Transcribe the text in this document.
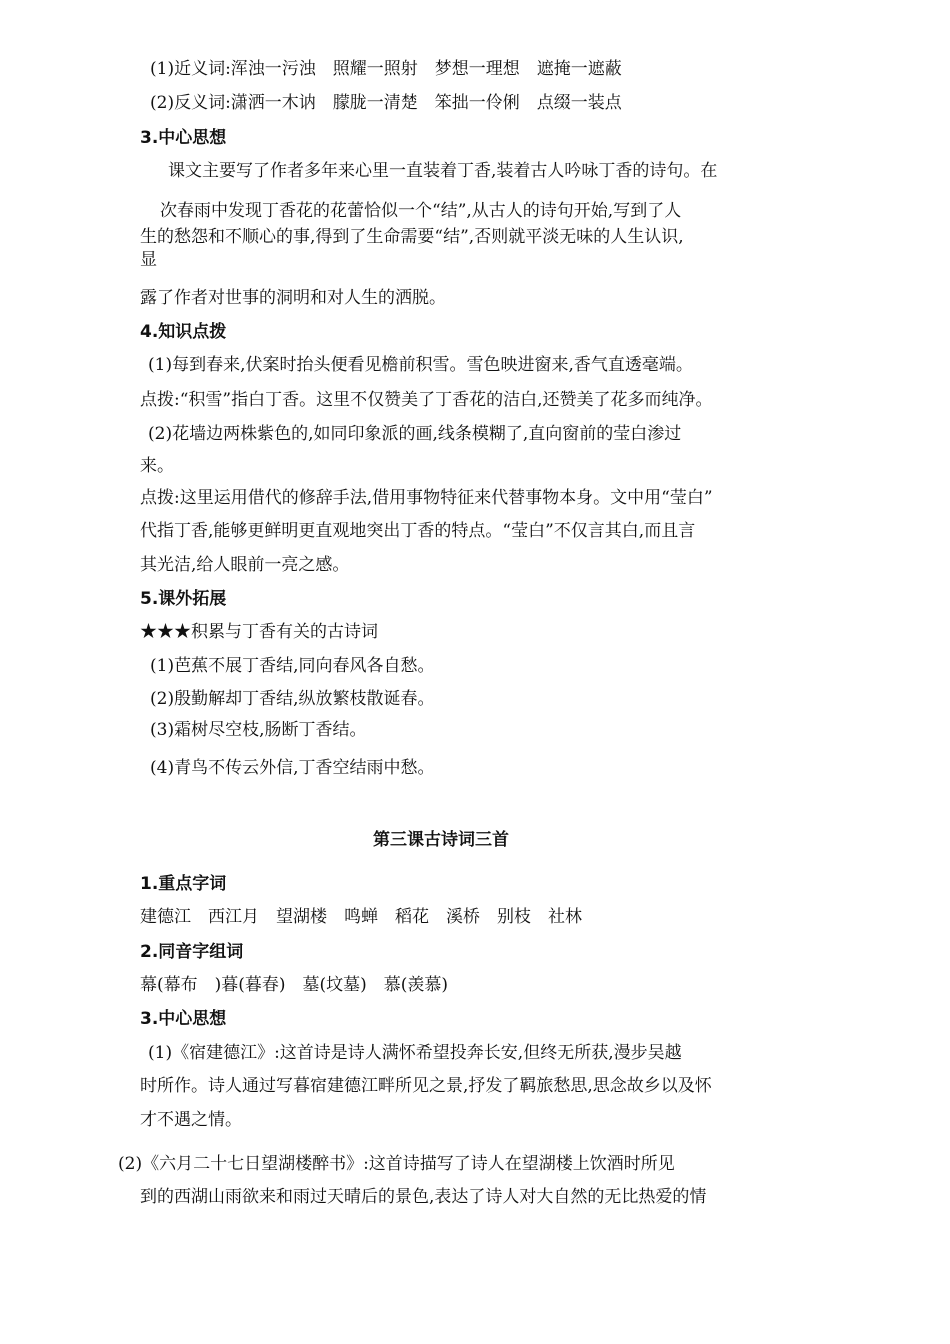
(1)近义词:浑浊一污浊　照耀一照射　梦想一理想　遮掩一遮蔽
(2)反义词:潇洒一木讷　朦胧一清楚　笨拙一伶俐　点缀一装点
3.中心思想
课文主要写了作者多年来心里一直装着丁香,装着古人吟咏丁香的诗句。在
次春雨中发现丁香花的花蕾恰似一个“结”,从古人的诗句开始,写到了人
生的愁怨和不顺心的事,得到了生命需要“结”,否则就平淡无味的人生认识,
显
露了作者对世事的洞明和对人生的洒脱。
4.知识点拨
(1)每到春来,伏案时抬头便看见檐前积雪。雪色映进窗来,香气直透毫端。
点拨:“积雪”指白丁香。这里不仅赞美了丁香花的洁白,还赞美了花多而纯净。
(2)花墙边两株紫色的,如同印象派的画,线条模糊了,直向窗前的莹白渗过
来。
点拨:这里运用借代的修辞手法,借用事物特征来代替事物本身。文中用“莹白”
代指丁香,能够更鲜明更直观地突出丁香的特点。“莹白”不仅言其白,而且言
其光洁,给人眼前一亮之感。
5.课外拓展
★★★积累与丁香有关的古诗词
(1)芭蕉不展丁香结,同向春风各自愁。
(2)殷勤解却丁香结,纵放繁枝散诞春。
(3)霜树尽空枝,肠断丁香结。
(4)青鸟不传云外信,丁香空结雨中愁。
第三课古诗词三首
1.重点字词
建德江　西江月　望湖楼　鸣蝉　稻花　溪桥　别枝　社林
2.同音字组词
幕(幕布　)暮(暮春)　墓(坟墓)　慕(羡慕)
3.中心思想
(1)《宿建德江》:这首诗是诗人满怀希望投奔长安,但终无所获,漫步吴越
时所作。诗人通过写暮宿建德江畔所见之景,抒发了羁旅愁思,思念故乡以及怀
才不遇之情。
(2)《六月二十七日望湖楼醉书》:这首诗描写了诗人在望湖楼上饮酒时所见
到的西湖山雨欲来和雨过天晴后的景色,表达了诗人对大自然的无比热爱的情
